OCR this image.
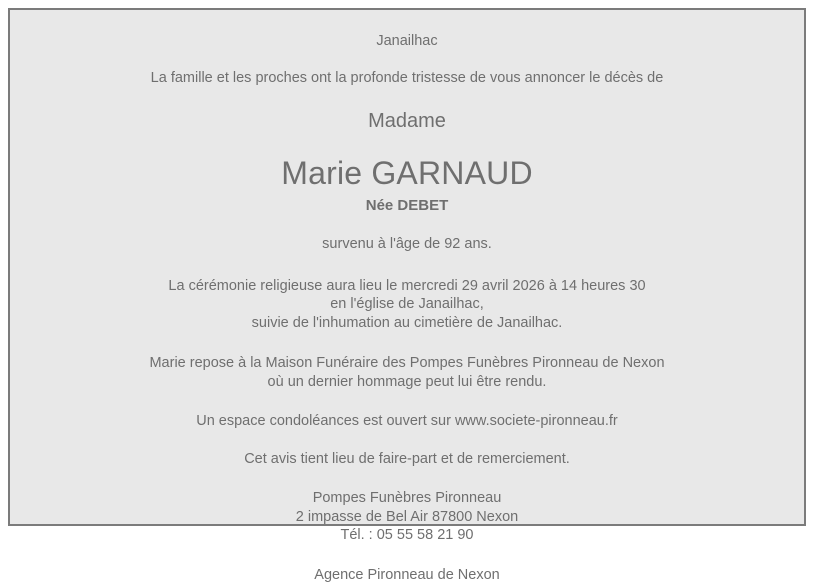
Janailhac
La famille et les proches ont la profonde tristesse de vous annoncer le décès de
Madame
Marie GARNAUD
Née DEBET
survenu à l'âge de 92 ans.
La cérémonie religieuse aura lieu le mercredi 29 avril 2026 à 14 heures 30
en l'église de Janailhac,
suivie de l'inhumation au cimetière de Janailhac.
Marie repose à la Maison Funéraire des Pompes Funèbres Pironneau de Nexon
où un dernier hommage peut lui être rendu.
Un espace condoléances est ouvert sur www.societe-pironneau.fr
Cet avis tient lieu de faire-part et de remerciement.
Pompes Funèbres Pironneau
2 impasse de Bel Air 87800 Nexon
Tél. : 05 55 58 21 90
Agence Pironneau de Nexon
